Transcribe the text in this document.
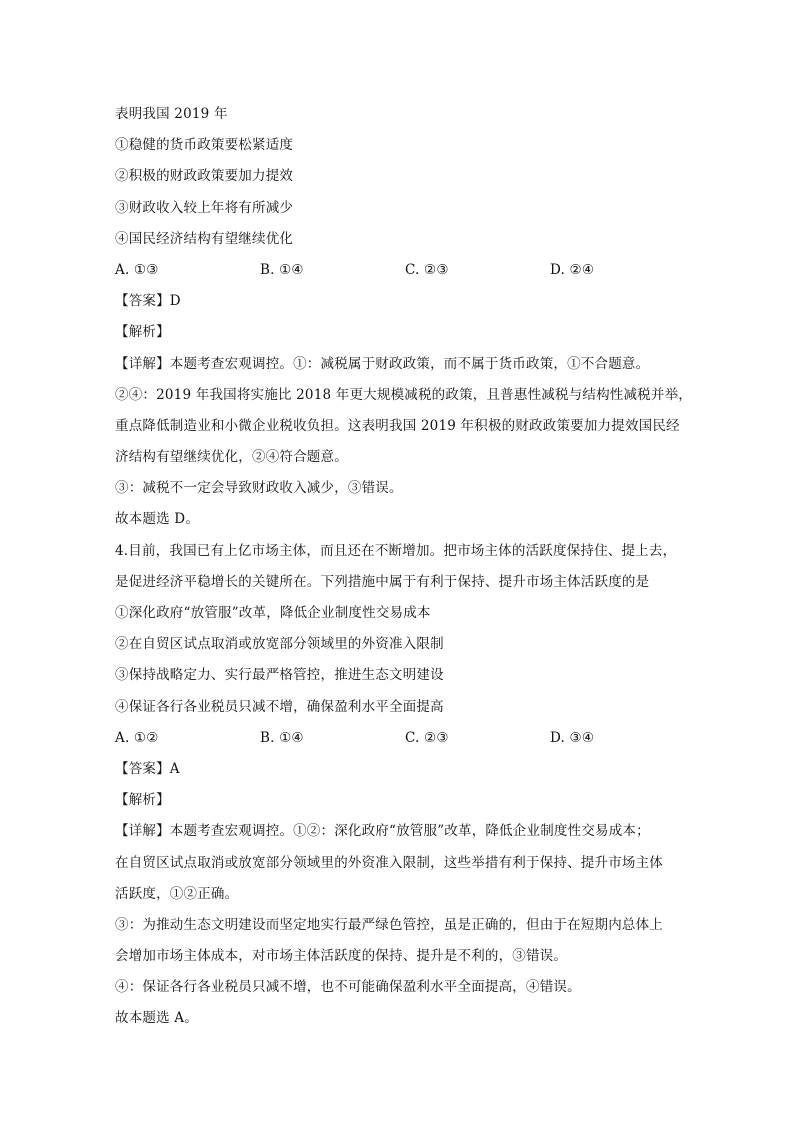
表明我国 2019 年
①稳健的货币政策要松紧适度
②积极的财政政策要加力提效
③财政收入较上年将有所减少
④国民经济结构有望继续优化
A. ①③	B. ①④	C. ②③	D. ②④
【答案】D
【解析】
【详解】本题考查宏观调控。①：减税属于财政政策，而不属于货币政策，①不合题意。
②④：2019 年我国将实施比 2018 年更大规模减税的政策，且普惠性减税与结构性减税并举，
重点降低制造业和小微企业税收负担。这表明我国 2019 年积极的财政政策要加力提效国民经
济结构有望继续优化，②④符合题意。
③：减税不一定会导致财政收入减少，③错误。
故本题选 D。
4.目前，我国已有上亿市场主体，而且还在不断增加。把市场主体的活跃度保持住、提上去，
是促进经济平稳增长的关键所在。下列措施中属于有利于保持、提升市场主体活跃度的是
①深化政府“放管服”改革，降低企业制度性交易成本
②在自贸区试点取消或放宽部分领域里的外资准入限制
③保持战略定力、实行最严格管控，推进生态文明建设
④保证各行各业税员只减不增，确保盈利水平全面提高
A. ①②	B. ①④	C. ②③	D. ③④
【答案】A
【解析】
【详解】本题考查宏观调控。①②：深化政府“放管服”改革，降低企业制度性交易成本；
在自贸区试点取消或放宽部分领域里的外资准入限制，这些举措有利于保持、提升市场主体
活跃度，①②正确。
③：为推动生态文明建设而坚定地实行最严绿色管控，虽是正确的，但由于在短期内总体上
会增加市场主体成本，对市场主体活跃度的保持、提升是不利的，③错误。
④：保证各行各业税员只减不增，也不可能确保盈利水平全面提高，④错误。
故本题选 A。
